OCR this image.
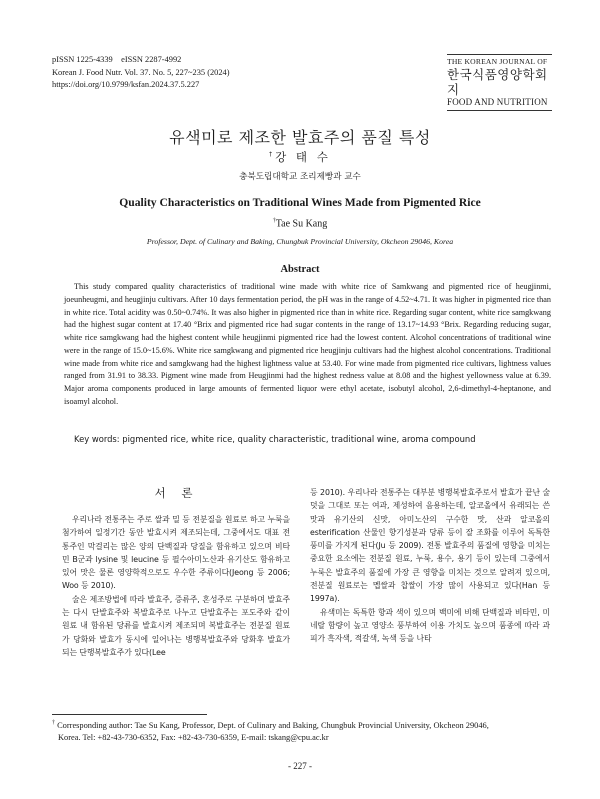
pISSN 1225-4339    eISSN 2287-4992
Korean J. Food Nutr. Vol. 37. No. 5, 227~235 (2024)
https://doi.org/10.9799/ksfan.2024.37.5.227
THE KOREAN JOURNAL OF
한국식품영양학회지
FOOD AND NUTRITION
유색미로 제조한 발효주의 품질 특성
†강 태 수
충북도립대학교 조리제빵과 교수
Quality Characteristics on Traditional Wines Made from Pigmented Rice
†Tae Su Kang
Professor, Dept. of Culinary and Baking, Chungbuk Provincial University, Okcheon 29046, Korea
Abstract
This study compared quality characteristics of traditional wine made with white rice of Samkwang and pigmented rice of heugjinmi, joeunheugmi, and heugjinju cultivars. After 10 days fermentation period, the pH was in the range of 4.52~4.71. It was higher in pigmented rice than in white rice. Total acidity was 0.50~0.74%. It was also higher in pigmented rice than in white rice. Regarding sugar content, white rice samgkwang had the highest sugar content at 17.40 °Brix and pigmented rice had sugar contents in the range of 13.17~14.93 °Brix. Regarding reducing sugar, white rice samgkwang had the highest content while heugjinmi pigmented rice had the lowest content. Alcohol concentrations of traditional wine were in the range of 15.0~15.6%. White rice samgkwang and pigmented rice heugjinju cultivars had the highest alcohol concentrations. Traditional wine made from white rice and samgkwang had the highest lightness value at 53.40. For wine made from pigmented rice cultivars, lightness values ranged from 31.91 to 38.33. Pigment wine made from Heugjinmi had the highest redness value at 8.08 and the highest yellowness value at 6.39. Major aroma components produced in large amounts of fermented liquor were ethyl acetate, isobutyl alcohol, 2,6-dimethyl-4-heptanone, and isoamyl alcohol.
Key words: pigmented rice, white rice, quality characteristic, traditional wine, aroma compound
서 론

우리나라 전통주는 주로 쌀과 밀 등 전분질을 원료로 하고 누룩을 첨가하여 일정기간 동안 발효시켜 제조되는데, 그중에서도 대표 전통주인 막걸리는 많은 양의 단백질과 당질을 함유하고 있으며 비타민 B군과 lysine 및 leucine 등 필수아미노산과 유기산도 함유하고 있어 맛은 물론 영양학적으로도 우수한 주류이다(Jeong 등 2006; Woo 등 2010).

술은 제조방법에 따라 발효주, 증류주, 혼성주로 구분하며 발효주는 다시 단발효주와 복발효주로 나누고 단발효주는 포도주와 같이 원료 내 함유된 당류를 발효시켜 제조되며 복발효주는 전분질 원료가 당화와 발효가 동시에 일어나는 병행복발효주와 당화후 발효가 되는 단행복발효주가 있다(Lee

등 2010). 우리나라 전통주는 대부분 병행복발효주로서 발효가 끝난 술덧을 그대로 또는 여과, 제성하여 음용하는데, 알코올에서 유래되는 쓴맛과 유기산의 신맛, 아미노산의 구수한 맛, 산과 알코올의 esterification 산물인 향기성분과 당류 등이 잘 조화를 이루어 독특한 풍미를 가지게 된다(Ju 등 2009). 전통 발효주의 품질에 영향을 미치는 중요한 요소에는 전분질 원료, 누룩, 용수, 용기 등이 있는데 그중에서 누룩은 발효주의 품질에 가장 큰 영향을 미치는 것으로 알려져 있으며, 전분질 원료로는 멥쌀과 찹쌀이 가장 많이 사용되고 있다(Han 등 1997a).

유색미는 독특한 향과 색이 있으며 백미에 비해 단백질과 비타민, 미네랄 함량이 높고 영양소 풍부하여 이용 가치도 높으며 품종에 따라 과피가 흑자색, 적갈색, 녹색 등을 나타

† Corresponding author: Tae Su Kang, Professor, Dept. of Culinary and Baking, Chungbuk Provincial University, Okcheon 29046,
Korea. Tel: +82-43-730-6352, Fax: +82-43-730-6359, E-mail: tskang@cpu.ac.kr
- 227 -
